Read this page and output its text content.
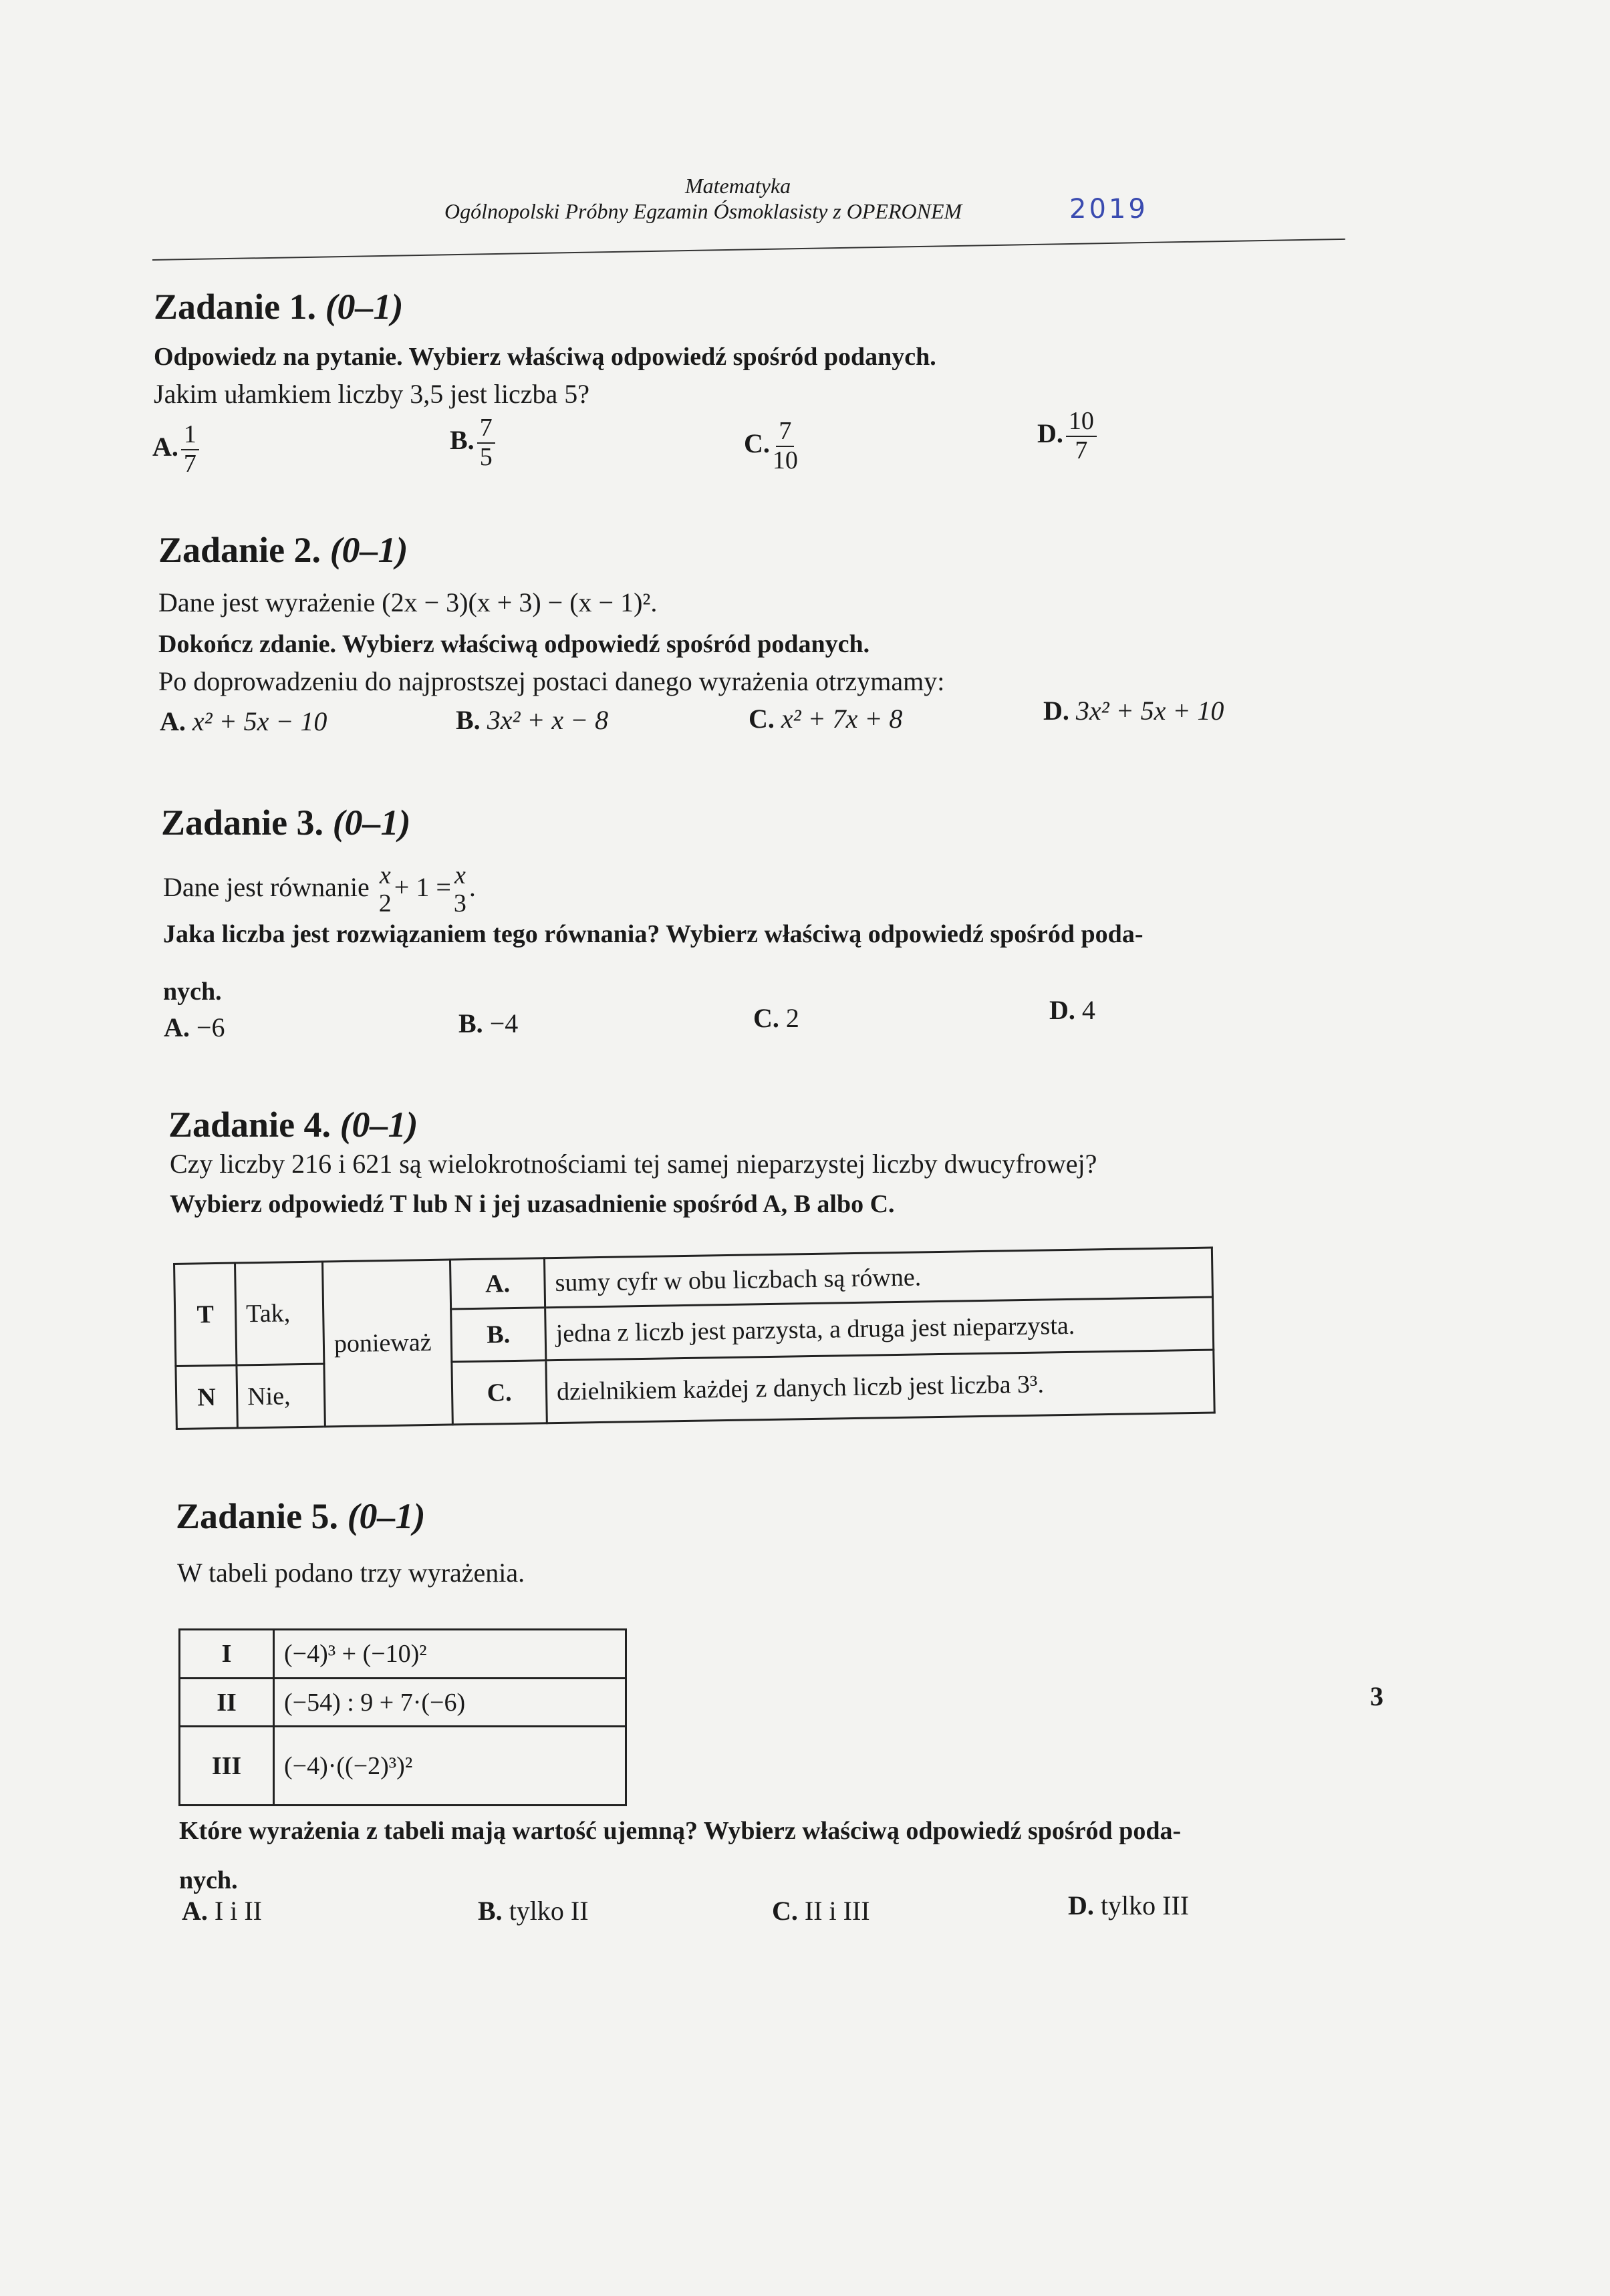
Matematyka
Ogólnopolski Próbny Egzamin Ósmoklasisty z OPERONEM	2019
Zadanie 1. (0–1)
Odpowiedz na pytanie. Wybierz właściwą odpowiedź spośród podanych.
Jakim ułamkiem liczby 3,5 jest liczba 5?
A. $\frac{1}{7}$	B. $\frac{7}{5}$	C. $\frac{7}{10}$	D. $\frac{10}{7}$
Zadanie 2. (0–1)
Dane jest wyrażenie (2x − 3)(x + 3) − (x − 1)².
Dokończ zdanie. Wybierz właściwą odpowiedź spośród podanych.
Po doprowadzeniu do najprostszej postaci danego wyrażenia otrzymamy:
A. x² + 5x − 10	B. 3x² + x − 8	C. x² + 7x + 8	D. 3x² + 5x + 10
Zadanie 3. (0–1)
Dane jest równanie x
2
+ 1 = x
3
.
Jaka liczba jest rozwiązaniem tego równania? Wybierz właściwą odpowiedź spośród poda-
nych.
A. −6	B. −4	C. 2	D. 4
Zadanie 4. (0–1)
Czy liczby 216 i 621 są wielokrotnościami tej samej nieparzystej liczby dwucyfrowej?
Wybierz odpowiedź T lub N i jej uzasadnienie spośród A, B albo C.
T	Tak,	ponieważ	A.	sumy cyfr w obu liczbach są równe.
			B.	jedna z liczb jest parzysta, a druga jest nieparzysta.
N	Nie,		C.	dzielnikiem każdej z danych liczb jest liczba 3³.
Zadanie 5. (0–1)
W tabeli podano trzy wyrażenia.
I	(−4)³ + (−10)²
II	(−54) : 9 + 7·(−6)
III	(−4)·((−2)³)²
Które wyrażenia z tabeli mają wartość ujemną? Wybierz właściwą odpowiedź spośród poda-
nych.
A. I i II	B. tylko II	C. II i III	D. tylko III
3
